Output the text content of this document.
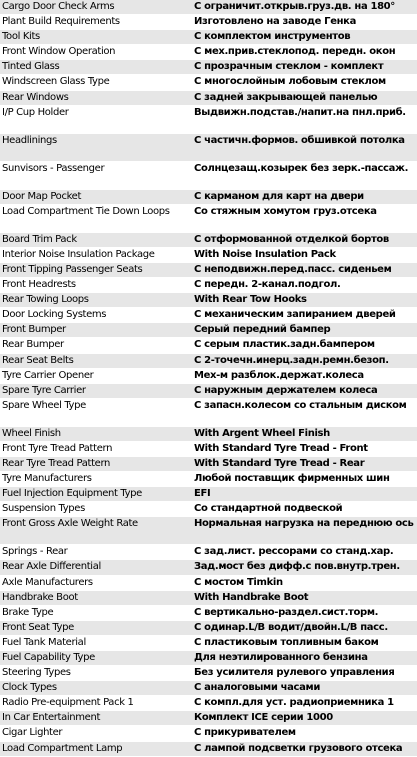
Cargo Door Check Arms	С ограничит.открыв.груз.дв. на 180°
Plant Build Requirements	Изготовлено на заводе Генка
Tool Kits	С комплектом инструментов
Front Window Operation	С мех.прив.стеклопод. передн. окон
Tinted Glass	С прозрачным стеклом - комплект
Windscreen Glass Type	С многослойным лобовым стеклом
Rear Windows	С задней закрывающей панелью
I/P Cup Holder	Выдвижн.подстав./напит.на пнл.приб.
Headlinings	С частичн.формов. обшивкой потолка
Sunvisors - Passenger	Солнцезащ.козырек без зерк.-пассаж.
Door Map Pocket	С карманом для карт на двери
Load Compartment Tie Down Loops	Со стяжным хомутом груз.отсека
Board Trim Pack	С отформованной отделкой бортов
Interior Noise Insulation Package	With Noise Insulation Pack
Front Tipping Passenger Seats	С неподвижн.перед.пасс. сиденьем
Front Headrests	С передн. 2-канал.подгол.
Rear Towing Loops	With Rear Tow Hooks
Door Locking Systems	С механическим запиранием дверей
Front Bumper	Серый передний бампер
Rear Bumper	С серым пластик.задн.бампером
Rear Seat Belts	С 2-точечн.инерц.задн.ремн.безоп.
Tyre Carrier Opener	Мех-м разблок.держат.колеса
Spare Tyre Carrier	С наружным держателем колеса
Spare Wheel Type	С запасн.колесом со стальным диском
Wheel Finish	With Argent Wheel Finish
Front Tyre Tread Pattern	With Standard Tyre Tread - Front
Rear Tyre Tread Pattern	With Standard Tyre Tread - Rear
Tyre Manufacturers	Любой поставщик фирменных шин
Fuel Injection Equipment Type	EFI
Suspension Types	Со стандартной подвеской
Front Gross Axle Weight Rate	Нормальная нагрузка на переднюю ось
Springs - Rear	С зад.лист. рессорами со станд.хар.
Rear Axle Differential	Зад.мост без дифф.с пов.внутр.трен.
Axle Manufacturers	С мостом Timkin
Handbrake Boot	With Handbrake Boot
Brake Type	С вертикально-раздел.сист.торм.
Front Seat Type	С одинар.L/B водит/двойн.L/B пасс.
Fuel Tank Material	С пластиковым топливным баком
Fuel Capability Type	Для неэтилированного бензина
Steering Types	Без усилителя рулевого управления
Clock Types	С аналоговыми часами
Radio Pre-equipment Pack 1	С компл.для уст. радиоприемника 1
In Car Entertainment	Комплект ICE серии 1000
Cigar Lighter	С прикуривателем
Load Compartment Lamp	С лампой подсветки грузового отсека
